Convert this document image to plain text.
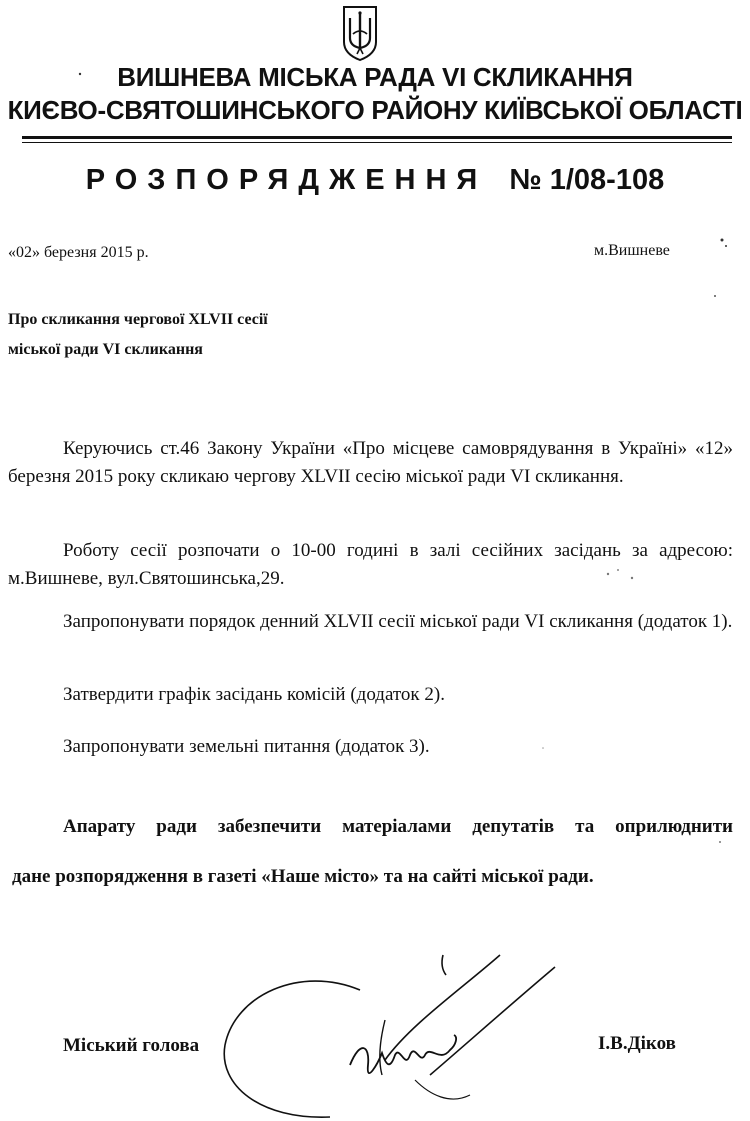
ВИШНЕВА МІСЬКА РАДА VI СКЛИКАННЯ
КИЄВО-СВЯТОШИНСЬКОГО РАЙОНУ КИЇВСЬКОЇ ОБЛАСТІ
РОЗПОРЯДЖЕННЯ № 1/08-108
«02» березня 2015 р.	м.Вишневе
Про скликання чергової XLVII сесії
міської ради VI скликання
Керуючись ст.46 Закону України «Про місцеве самоврядування в Україні» «12» березня 2015 року скликаю чергову XLVII сесію міської ради VI скликання.
Роботу сесії розпочати о 10-00 годині в залі сесійних засідань за адресою: м.Вишневе, вул.Святошинська,29.
Запропонувати порядок денний XLVII сесії міської ради VI скликання (додаток 1).
Затвердити графік засідань комісій (додаток 2).
Запропонувати земельні питання (додаток 3).
Апарату ради забезпечити матеріалами депутатів та оприлюднити
дане розпорядження в газеті «Наше місто» та на сайті міської ради.
Міський голова	І.В.Діков
